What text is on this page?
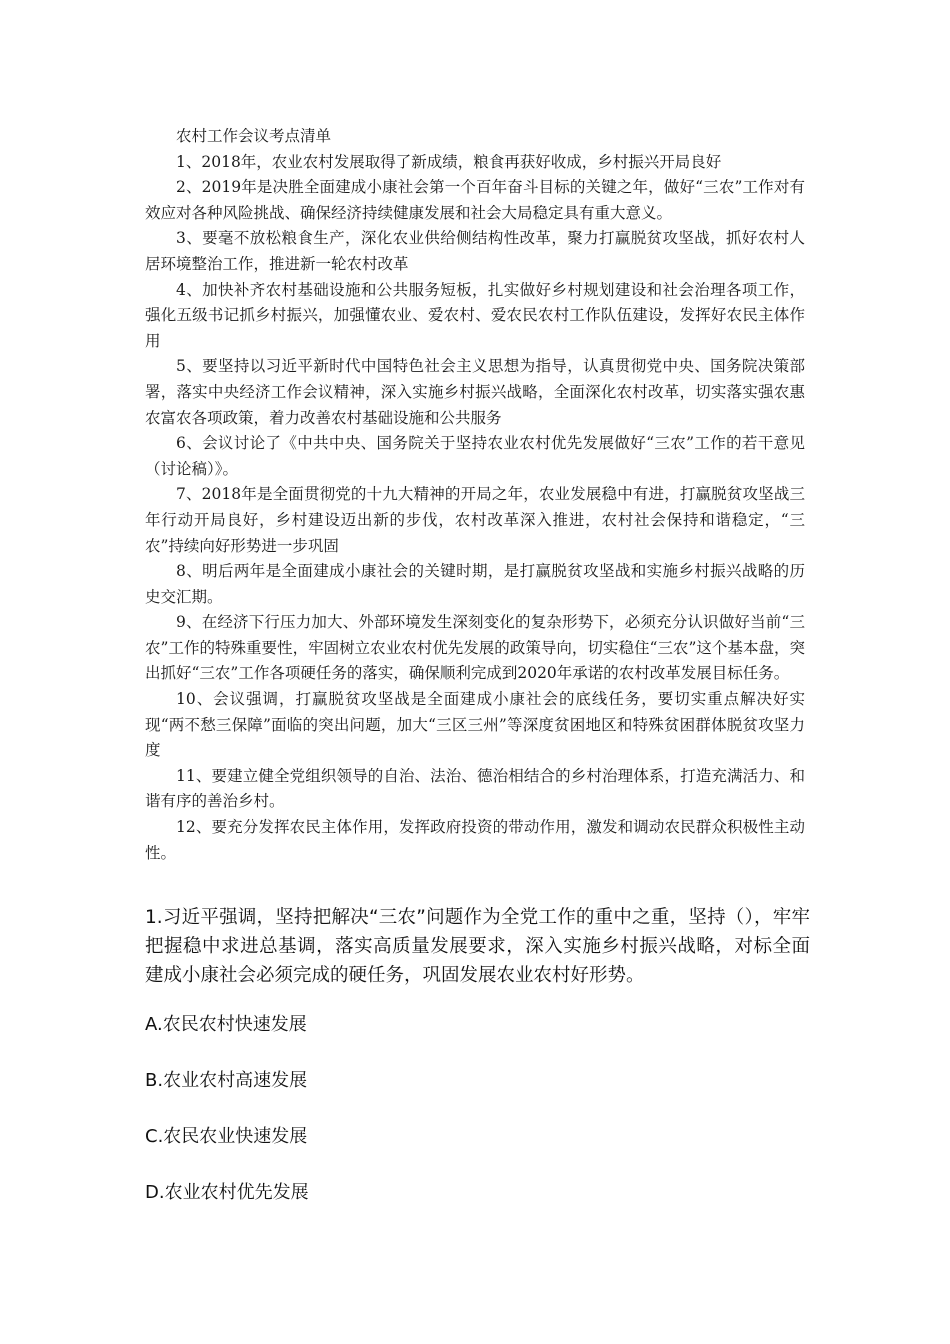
农村工作会议考点清单

1、2018年，农业农村发展取得了新成绩，粮食再获好收成，乡村振兴开局良好

2、2019年是决胜全面建成小康社会第一个百年奋斗目标的关键之年，做好“三农”工作对有效应对各种风险挑战、确保经济持续健康发展和社会大局稳定具有重大意义。

3、要毫不放松粮食生产，深化农业供给侧结构性改革，聚力打赢脱贫攻坚战，抓好农村人居环境整治工作，推进新一轮农村改革

4、加快补齐农村基础设施和公共服务短板，扎实做好乡村规划建设和社会治理各项工作，强化五级书记抓乡村振兴，加强懂农业、爱农村、爱农民农村工作队伍建设，发挥好农民主体作用

5、要坚持以习近平新时代中国特色社会主义思想为指导，认真贯彻党中央、国务院决策部署，落实中央经济工作会议精神，深入实施乡村振兴战略，全面深化农村改革，切实落实强农惠农富农各项政策，着力改善农村基础设施和公共服务

6、会议讨论了《中共中央、国务院关于坚持农业农村优先发展做好“三农”工作的若干意见（讨论稿）》。

7、2018年是全面贯彻党的十九大精神的开局之年，农业发展稳中有进，打赢脱贫攻坚战三年行动开局良好，乡村建设迈出新的步伐，农村改革深入推进，农村社会保持和谐稳定，“三农”持续向好形势进一步巩固

8、明后两年是全面建成小康社会的关键时期，是打赢脱贫攻坚战和实施乡村振兴战略的历史交汇期。

9、在经济下行压力加大、外部环境发生深刻变化的复杂形势下，必须充分认识做好当前“三农”工作的特殊重要性，牢固树立农业农村优先发展的政策导向，切实稳住“三农”这个基本盘，突出抓好“三农”工作各项硬任务的落实，确保顺利完成到2020年承诺的农村改革发展目标任务。

10、会议强调，打赢脱贫攻坚战是全面建成小康社会的底线任务，要切实重点解决好实现“两不愁三保障”面临的突出问题，加大“三区三州”等深度贫困地区和特殊贫困群体脱贫攻坚力度

11、要建立健全党组织领导的自治、法治、德治相结合的乡村治理体系，打造充满活力、和谐有序的善治乡村。

12、要充分发挥农民主体作用，发挥政府投资的带动作用，激发和调动农民群众积极性主动性。

1.习近平强调，坚持把解决“三农”问题作为全党工作的重中之重，坚持（），牢牢把握稳中求进总基调，落实高质量发展要求，深入实施乡村振兴战略，对标全面建成小康社会必须完成的硬任务，巩固发展农业农村好形势。

A.农民农村快速发展

B.农业农村高速发展

C.农民农业快速发展

D.农业农村优先发展
